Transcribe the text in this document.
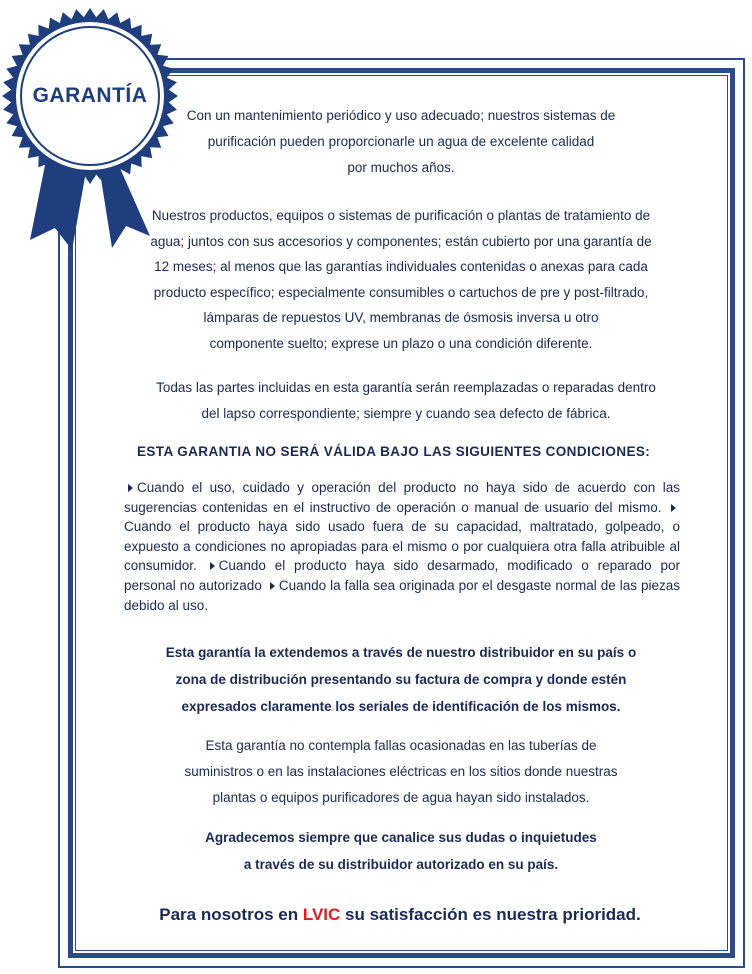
GARANTÍA

Con un mantenimiento periódico y uso adecuado; nuestros sistemas de
purificación pueden proporcionarle un agua de excelente calidad
por muchos años.

Nuestros productos, equipos o sistemas de purificación o plantas de tratamiento de
agua; juntos con sus accesorios y componentes; están cubierto por una garantía de
12 meses; al menos que las garantías individuales contenidas o anexas para cada
producto específico; especialmente consumibles o cartuchos de pre y post-filtrado,
lámparas de repuestos UV, membranas de ósmosis inversa u otro
componente suelto; exprese un plazo o una condición diferente.

Todas las partes incluidas en esta garantía serán reemplazadas o reparadas dentro
del lapso correspondiente; siempre y cuando sea defecto de fábrica.

ESTA GARANTIA NO SERÁ VÁLIDA BAJO LAS SIGUIENTES CONDICIONES:
Cuando el uso, cuidado y operación del producto no haya sido de acuerdo con las sugerencias contenidas en el instructivo de operación o manual de usuario del mismo. Cuando el producto haya sido usado fuera de su capacidad, maltratado, golpeado, o expuesto a condiciones no apropiadas para el mismo o por cualquiera otra falla atribuible al consumidor. Cuando el producto haya sido desarmado, modificado o reparado por personal no autorizado Cuando la falla sea originada por el desgaste normal de las piezas debido al uso.

Esta garantía la extendemos a través de nuestro distribuidor en su país o
zona de distribución presentando su factura de compra y donde estén
expresados claramente los seriales de identificación de los mismos.

Esta garantía no contempla fallas ocasionadas en las tuberías de
suministros o en las instalaciones eléctricas en los sitios donde nuestras
plantas o equipos purificadores de agua hayan sido instalados.

Agradecemos siempre que canalice sus dudas o inquietudes
a través de su distribuidor autorizado en su país.

Para nosotros en LVIC su satisfacción es nuestra prioridad.
